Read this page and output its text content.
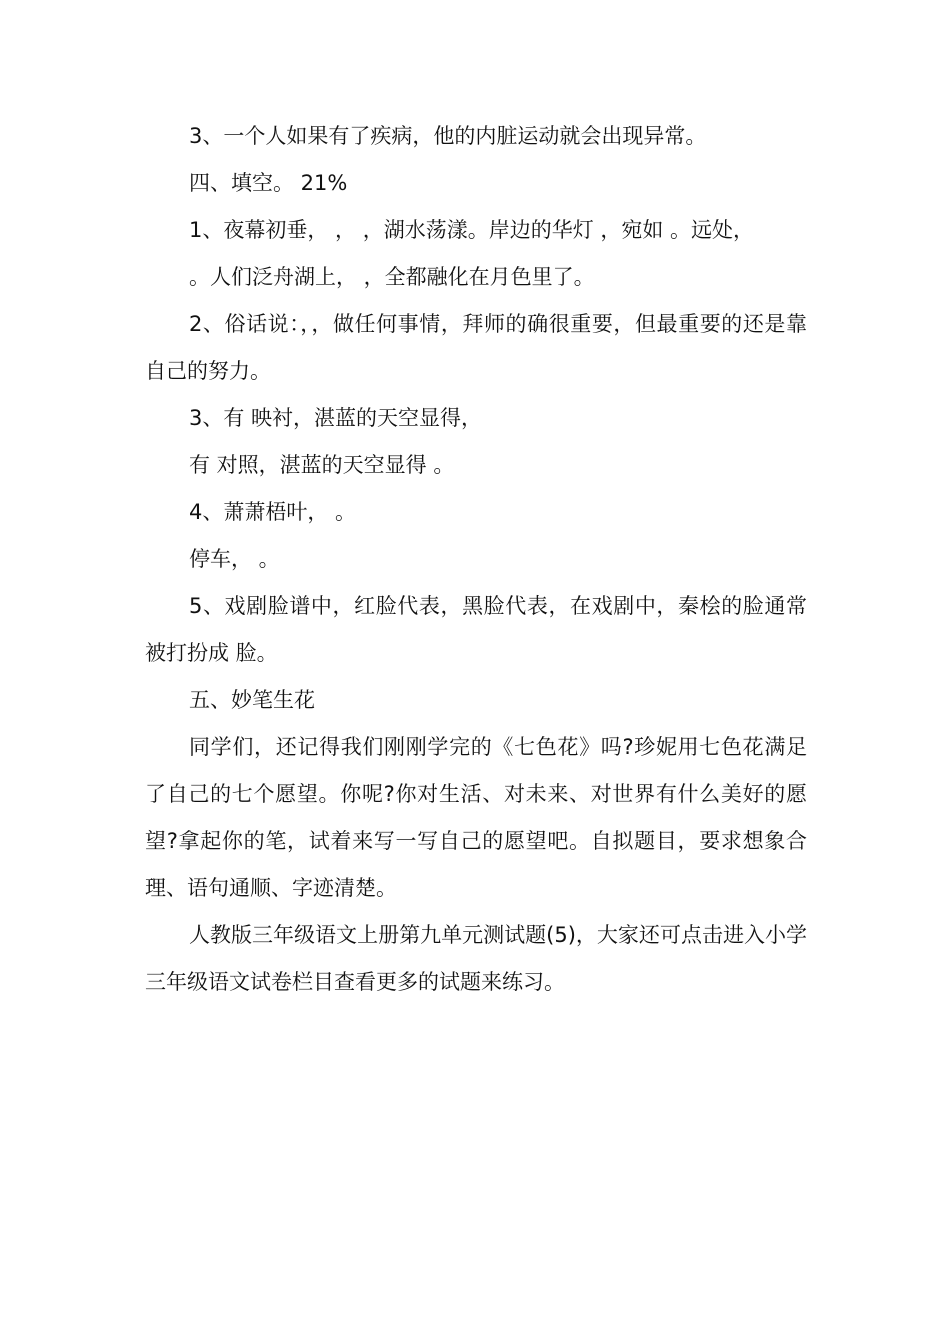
3、一个人如果有了疾病，他的内脏运动就会出现异常。

四、填空。 21%

1、夜幕初垂， ， ，湖水荡漾。岸边的华灯 ，宛如 。远处，

。人们泛舟湖上， ，全都融化在月色里了。

2、俗话说：，，做任何事情，拜师的确很重要，但最重要的还是靠自己的努力。

3、有 映衬，湛蓝的天空显得，

有 对照，湛蓝的天空显得 。

4、萧萧梧叶， 。

停车， 。

5、戏剧脸谱中，红脸代表，黑脸代表，在戏剧中，秦桧的脸通常被打扮成 脸。

五、妙笔生花

同学们，还记得我们刚刚学完的《七色花》吗?珍妮用七色花满足了自己的七个愿望。你呢?你对生活、对未来、对世界有什么美好的愿望?拿起你的笔，试着来写一写自己的愿望吧。自拟题目，要求想象合理、语句通顺、字迹清楚。

人教版三年级语文上册第九单元测试题(5)，大家还可点击进入小学三年级语文试卷栏目查看更多的试题来练习。
